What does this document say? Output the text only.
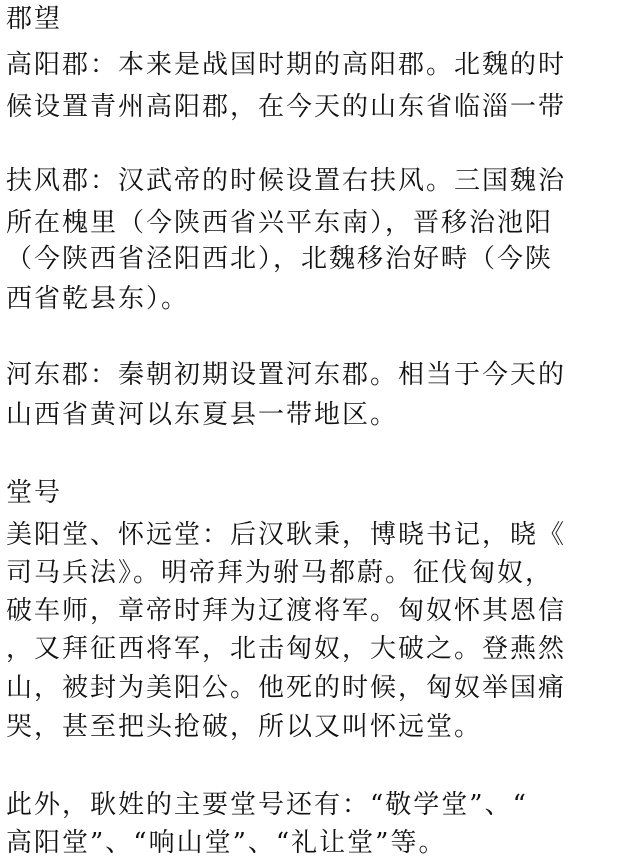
郡望
高阳郡：本来是战国时期的高阳郡。北魏的时
候设置青州高阳郡，在今天的山东省临淄一带
扶风郡：汉武帝的时候设置右扶风。三国魏治
所在槐里（今陕西省兴平东南），晋移治池阳
（今陕西省泾阳西北），北魏移治好畤（今陕
西省乾县东）。
河东郡：秦朝初期设置河东郡。相当于今天的
山西省黄河以东夏县一带地区。
堂号
美阳堂、怀远堂：后汉耿秉，博晓书记，晓《
司马兵法》。明帝拜为驸马都蔚。征伐匈奴，
破车师，章帝时拜为辽渡将军。匈奴怀其恩信
，又拜征西将军，北击匈奴，大破之。登燕然
山，被封为美阳公。他死的时候，匈奴举国痛
哭，甚至把头抢破，所以又叫怀远堂。
此外，耿姓的主要堂号还有：“敬学堂”、“
高阳堂”、“响山堂”、“礼让堂”等。
